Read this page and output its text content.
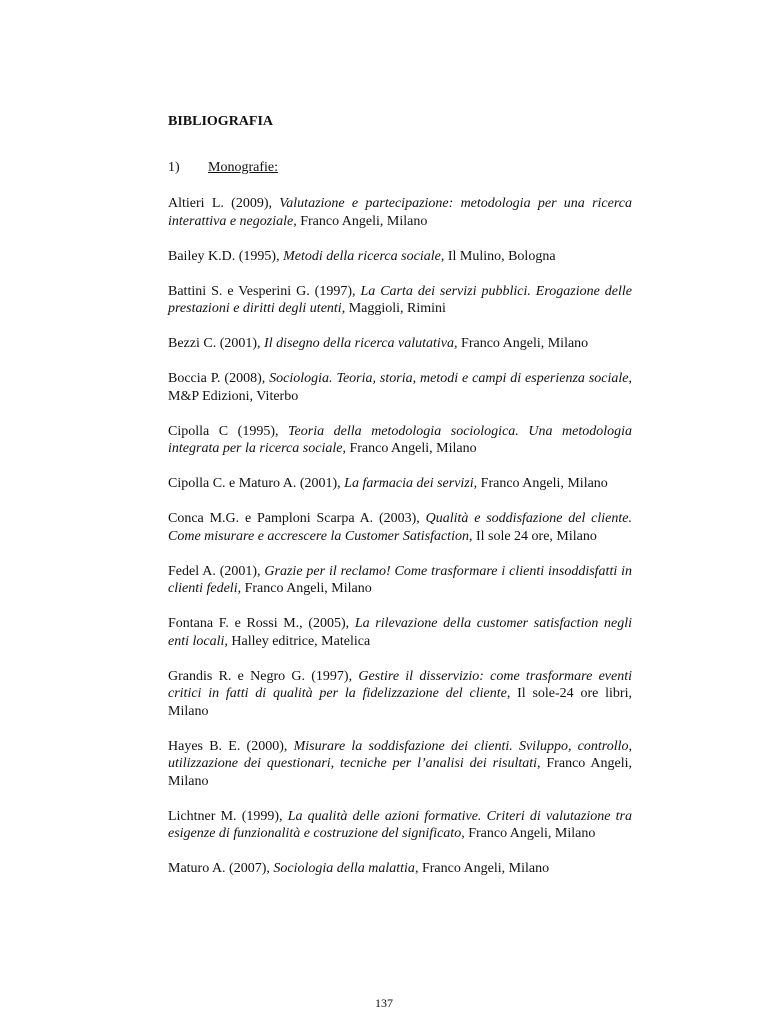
BIBLIOGRAFIA
1)	Monografie:

Altieri L. (2009), Valutazione e partecipazione: metodologia per una ricerca interattiva e negoziale, Franco Angeli, Milano

Bailey K.D. (1995), Metodi della ricerca sociale, Il Mulino, Bologna

Battini S. e Vesperini G. (1997), La Carta dei servizi pubblici. Erogazione delle prestazioni e diritti degli utenti, Maggioli, Rimini

Bezzi C. (2001), Il disegno della ricerca valutativa, Franco Angeli, Milano

Boccia P. (2008), Sociologia. Teoria, storia, metodi e campi di esperienza sociale, M&P Edizioni, Viterbo

Cipolla C (1995), Teoria della metodologia sociologica. Una metodologia integrata per la ricerca sociale, Franco Angeli, Milano

Cipolla C. e Maturo A. (2001), La farmacia dei servizi, Franco Angeli, Milano

Conca M.G. e Pamploni Scarpa A. (2003), Qualità e soddisfazione del cliente. Come misurare e accrescere la Customer Satisfaction, Il sole 24 ore, Milano

Fedel A. (2001), Grazie per il reclamo! Come trasformare i clienti insoddisfatti in clienti fedeli, Franco Angeli, Milano

Fontana F. e Rossi M., (2005), La rilevazione della customer satisfaction negli enti locali, Halley editrice, Matelica

Grandis R. e Negro G. (1997), Gestire il disservizio: come trasformare eventi critici in fatti di qualità per la fidelizzazione del cliente, Il sole-24 ore libri, Milano

Hayes B. E. (2000), Misurare la soddisfazione dei clienti. Sviluppo, controllo, utilizzazione dei questionari, tecniche per l’analisi dei risultati, Franco Angeli, Milano

Lichtner M. (1999), La qualità delle azioni formative. Criteri di valutazione tra esigenze di funzionalità e costruzione del significato, Franco Angeli, Milano

Maturo A. (2007), Sociologia della malattia, Franco Angeli, Milano

137
